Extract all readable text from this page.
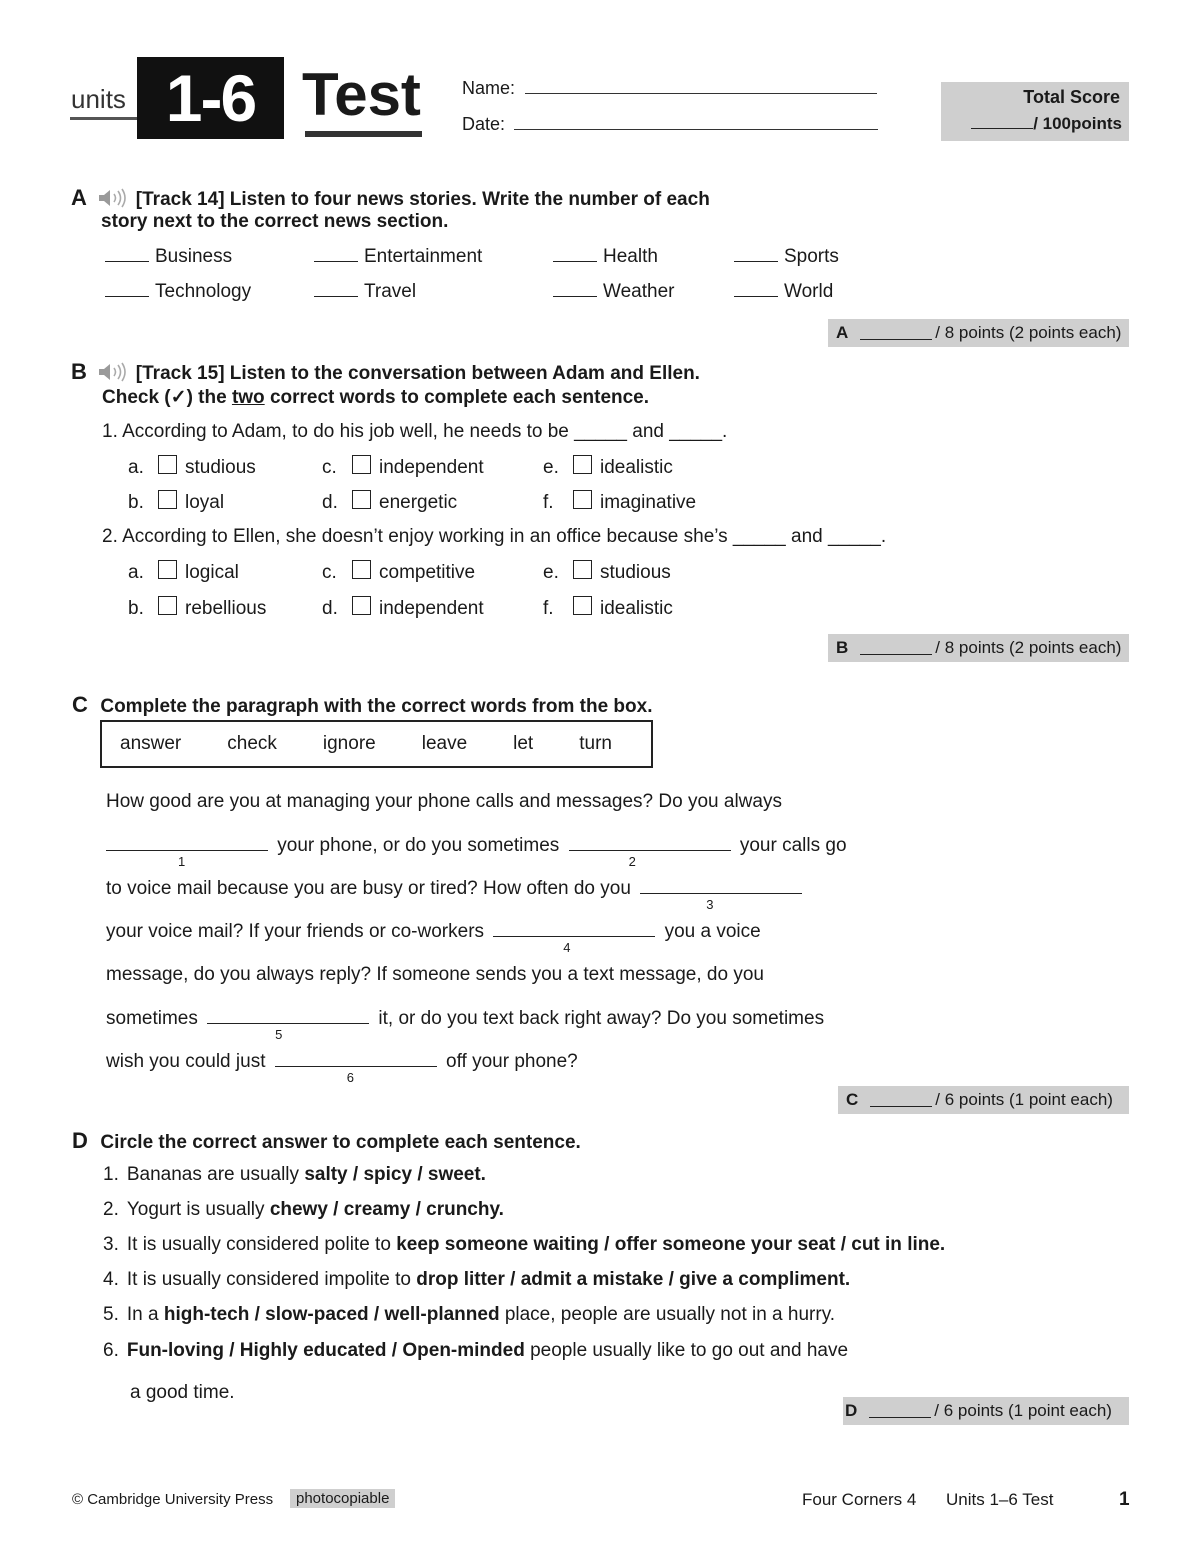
units 1-6 Test Name:
Date:
Total Score
/ 100points
A	[Track 14] Listen to four news stories. Write the number of each
story next to the correct news section.
Business	Entertainment	Health	Sports
Technology	Travel	Weather	World
A	/ 8 points (2 points each)
B	[Track 15] Listen to the conversation between Adam and Ellen.
Check (✓) the two correct words to complete each sentence.
1. According to Adam, to do his job well, he needs to be _____ and _____.
a. studious	c. independent	e. idealistic
b. loyal	d. energetic	f. imaginative
2. According to Ellen, she doesn’t enjoy working in an office because she’s _____ and _____.
a. logical	c. competitive	e. studious
b. rebellious	d. independent	f. idealistic
B	/ 8 points (2 points each)
C Complete the paragraph with the correct words from the box.
answer check ignore leave let turn
How good are you at managing your phone calls and messages? Do you always
1
your phone, or do you sometimes
2
your calls go
to voice mail because you are busy or tired? How often do you
3
your voice mail? If your friends or co-workers
4
you a voice
message, do you always reply? If someone sends you a text message, do you
sometimes
5
it, or do you text back right away? Do you sometimes
wish you could just
6
off your phone?
C	/ 6 points (1 point each)
D Circle the correct answer to complete each sentence.
1. Bananas are usually salty / spicy / sweet.
2. Yogurt is usually chewy / creamy / crunchy.
3. It is usually considered polite to keep someone waiting / offer someone your seat / cut in line.
4. It is usually considered impolite to drop litter / admit a mistake / give a compliment.
5. In a high-tech / slow-paced / well-planned place, people are usually not in a hurry.
6. Fun-loving / Highly educated / Open-minded people usually like to go out and have
a good time.
D	/ 6 points (1 point each)
© Cambridge University Press	photocopiable	Four Corners 4 Units 1–6 Test	1
